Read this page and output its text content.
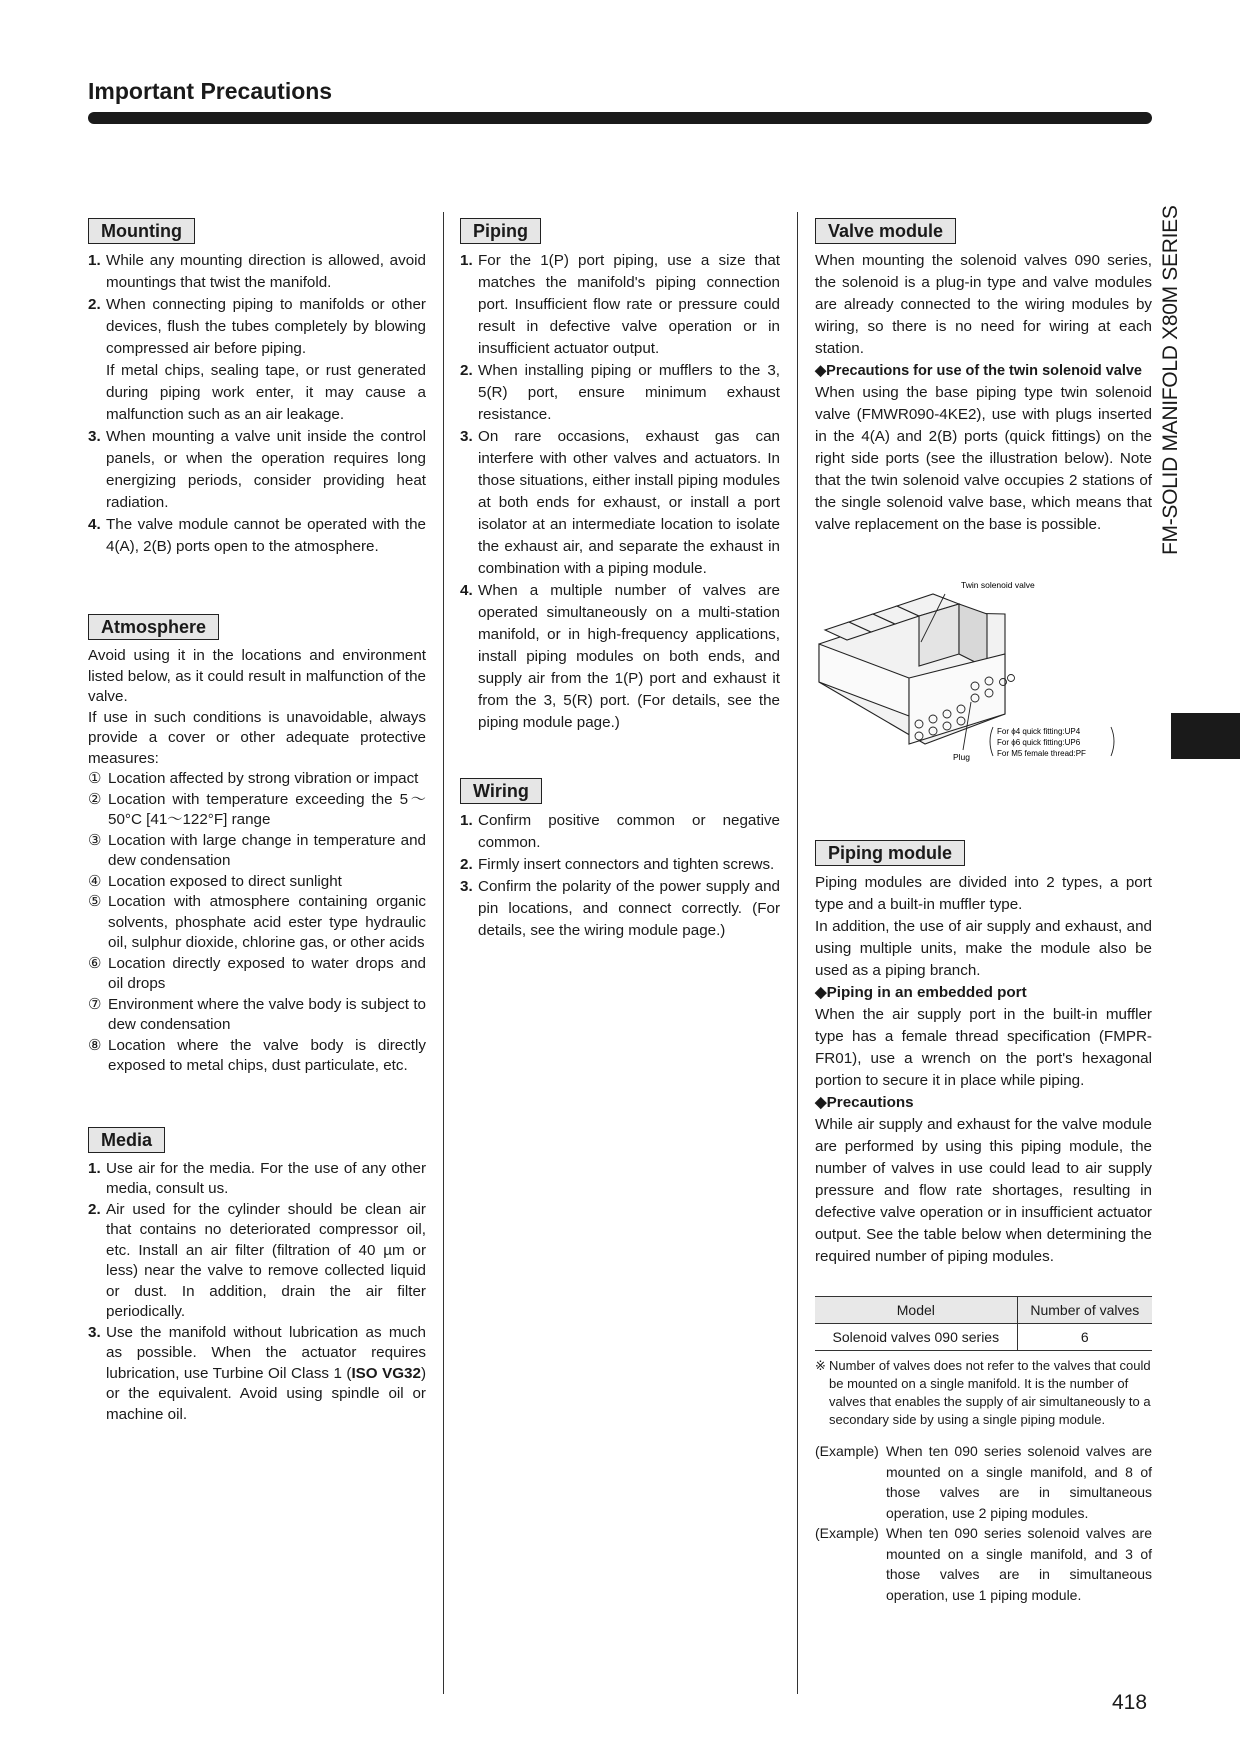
Important Precautions
Mounting
1. While any mounting direction is allowed, avoid mountings that twist the manifold.
2. When connecting piping to manifolds or other devices, flush the tubes completely by blowing compressed air before piping.
If metal chips, sealing tape, or rust generated during piping work enter, it may cause a malfunction such as an air leakage.
3. When mounting a valve unit inside the control panels, or when the operation requires long energizing periods, consider providing heat radiation.
4. The valve module cannot be operated with the 4(A), 2(B) ports open to the atmosphere.
Atmosphere

Avoid using it in the locations and environment listed below, as it could result in malfunction of the valve.

If use in such conditions is unavoidable, always provide a cover or other adequate protective measures:

① Location affected by strong vibration or impact
② Location with temperature exceeding the 5～50°C [41～122°F] range
③ Location with large change in temperature and dew condensation
④ Location exposed to direct sunlight
⑤ Location with atmosphere containing organic solvents, phosphate acid ester type hydraulic oil, sulphur dioxide, chlorine gas, or other acids
⑥ Location directly exposed to water drops and oil drops
⑦ Environment where the valve body is subject to dew condensation
⑧ Location where the valve body is directly exposed to metal chips, dust particulate, etc.
Media
1. Use air for the media. For the use of any other media, consult us.
2. Air used for the cylinder should be clean air that contains no deteriorated compressor oil, etc. Install an air filter (filtration of 40 µm or less) near the valve to remove collected liquid or dust. In addition, drain the air filter periodically.
3. Use the manifold without lubrication as much as possible. When the actuator requires lubrication, use Turbine Oil Class 1 (ISO VG32) or the equivalent. Avoid using spindle oil or machine oil.
Piping
1. For the 1(P) port piping, use a size that matches the manifold's piping connection port. Insufficient flow rate or pressure could result in defective valve operation or in insufficient actuator output.
2. When installing piping or mufflers to the 3, 5(R) port, ensure minimum exhaust resistance.
3. On rare occasions, exhaust gas can interfere with other valves and actuators. In those situations, either install piping modules at both ends for exhaust, or install a port isolator at an intermediate location to isolate the exhaust air, and separate the exhaust in combination with a piping module.
4. When a multiple number of valves are operated simultaneously on a multi-station manifold, or in high-frequency applications, install piping modules on both ends, and supply air from the 1(P) port and exhaust it from the 3, 5(R) port. (For details, see the piping module page.)
Wiring
1. Confirm positive common or negative common.
2. Firmly insert connectors and tighten screws.
3. Confirm the polarity of the power supply and pin locations, and connect correctly. (For details, see the wiring module page.)
Valve module

When mounting the solenoid valves 090 series, the solenoid is a plug-in type and valve modules are already connected to the wiring modules by wiring, so there is no need for wiring at each station.

◆Precautions for use of the twin solenoid valve

When using the base piping type twin solenoid valve (FMWR090-4KE2), use with plugs inserted in the 4(A) and 2(B) ports (quick fittings) on the right side ports (see the illustration below). Note that the twin solenoid valve occupies 2 stations of the single solenoid valve base, which means that valve replacement on the base is possible.

Twin solenoid valve
Plug
For ϕ4 quick fitting:UP4
For ϕ6 quick fitting:UP6
For M5 female thread:PF
Piping module

Piping modules are divided into 2 types, a port type and a built-in muffler type.

In addition, the use of air supply and exhaust, and using multiple units, make the module also be used as a piping branch.

◆Piping in an embedded port

When the air supply port in the built-in muffler type has a female thread specification (FMPR-FR01), use a wrench on the port's hexagonal portion to secure it in place while piping.

◆Precautions

While air supply and exhaust for the valve module are performed by using this piping module, the number of valves in use could lead to air supply pressure and flow rate shortages, resulting in defective valve operation or in insufficient actuator output. See the table below when determining the required number of piping modules.

Model	Number of valves
Solenoid valves 090 series	6
※ Number of valves does not refer to the valves that could be mounted on a single manifold. It is the number of valves that enables the supply of air simultaneously to a secondary side by using a single piping module.
(Example) When ten 090 series solenoid valves are mounted on a single manifold, and 8 of those valves are in simultaneous operation, use 2 piping modules.
(Example) When ten 090 series solenoid valves are mounted on a single manifold, and 3 of those valves are in simultaneous operation, use 1 piping module.
FM-SOLID MANIFOLD X80M SERIES
418
